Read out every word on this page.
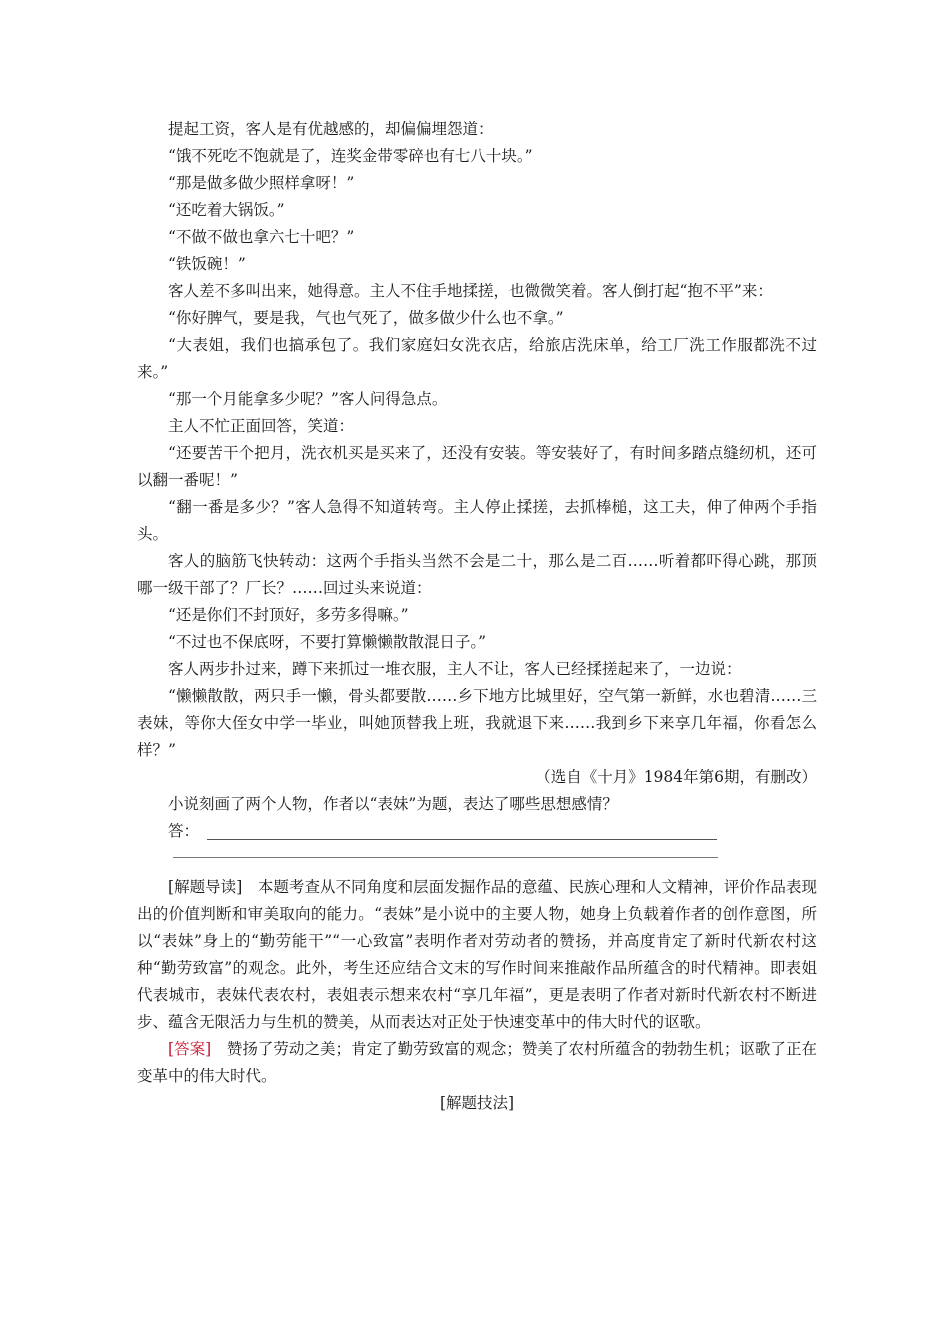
提起工资，客人是有优越感的，却偏偏埋怨道：

“饿不死吃不饱就是了，连奖金带零碎也有七八十块。”

“那是做多做少照样拿呀！”

“还吃着大锅饭。”

“不做不做也拿六七十吧？”

“铁饭碗！”

客人差不多叫出来，她得意。主人不住手地揉搓，也微微笑着。客人倒打起“抱不平”来：

“你好脾气，要是我，气也气死了，做多做少什么也不拿。”

“大表姐，我们也搞承包了。我们家庭妇女洗衣店，给旅店洗床单，给工厂洗工作服都洗不过来。”

“那一个月能拿多少呢？”客人问得急点。

主人不忙正面回答，笑道：

“还要苦干个把月，洗衣机买是买来了，还没有安装。等安装好了，有时间多踏点缝纫机，还可以翻一番呢！”

“翻一番是多少？”客人急得不知道转弯。主人停止揉搓，去抓棒槌，这工夫，伸了伸两个手指头。

客人的脑筋飞快转动：这两个手指头当然不会是二十，那么是二百……听着都吓得心跳，那顶哪一级干部了？厂长？……回过头来说道：

“还是你们不封顶好，多劳多得嘛。”

“不过也不保底呀，不要打算懒懒散散混日子。”

客人两步扑过来，蹲下来抓过一堆衣服，主人不让，客人已经揉搓起来了，一边说：

“懒懒散散，两只手一懒，骨头都要散……乡下地方比城里好，空气第一新鲜，水也碧清……三表妹，等你大侄女中学一毕业，叫她顶替我上班，我就退下来……我到乡下来享几年福，你看怎么样？”

（选自《十月》1984年第6期，有删改）

小说刻画了两个人物，作者以“表妹”为题，表达了哪些思想感情？

答：

[解题导读]　 本题考查从不同角度和层面发掘作品的意蕴、民族心理和人文精神，评价作品表现出的价值判断和审美取向的能力。“表妹”是小说中的主要人物，她身上负载着作者的创作意图，所以“表妹”身上的“勤劳能干”“一心致富”表明作者对劳动者的赞扬，并高度肯定了新时代新农村这种“勤劳致富”的观念。此外，考生还应结合文末的写作时间来推敲作品所蕴含的时代精神。即表姐代表城市，表妹代表农村，表姐表示想来农村“享几年福”，更是表明了作者对新时代新农村不断进步、蕴含无限活力与生机的赞美，从而表达对正处于快速变革中的伟大时代的讴歌。

[答案]　 赞扬了劳动之美；肯定了勤劳致富的观念；赞美了农村所蕴含的勃勃生机；讴歌了正在变革中的伟大时代。

[解题技法]
